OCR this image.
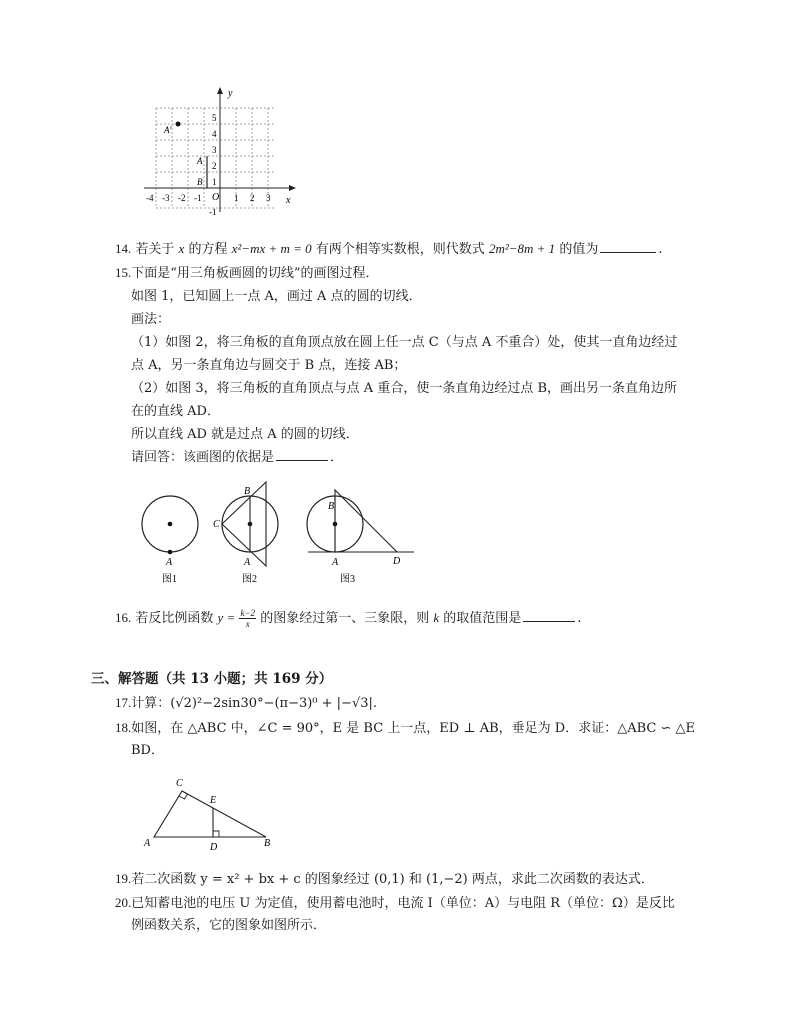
y
x
O
5
4
3
2
1
-1
-4 -3 -2 -1	1 2 3
A
B
A'
14. 若关于 x 的方程 x²−mx + m = 0 有两个相等实数根，则代数式 2m²−8m + 1 的值为	.
15.下面是“用三角板画圆的切线”的画图过程．
如图 1，已知圆上一点 A，画过 A 点的圆的切线．
画法：
（1）如图 2，将三角板的直角顶点放在圆上任一点 C（与点 A 不重合）处，使其一直角边经过
点 A，另一条直角边与圆交于 B 点，连接 AB；
（2）如图 3，将三角板的直角顶点与点 A 重合，使一条直角边经过点 B，画出另一条直角边所
在的直线 AD．
所以直线 AD 就是过点 A 的圆的切线．
请回答：该画图的依据是	．
A
图1
B
C
A
图2
B
A	D
图3
16. 若反比例函数 $y = \frac{k-2}{x}$ 的图象经过第一、三象限，则 k 的取值范围是	.
三、解答题（共 13 小题；共 169 分）
17.计算：(√2)²−2sin30°−(π−3)⁰ + |−√3|.
18.如图，在 △ABC 中，∠C = 90°，E 是 BC 上一点，ED ⊥ AB，垂足为 D．求证：△ABC ∽ △E
BD．
C
E
A	D	B
19.若二次函数 y = x² + bx + c 的图象经过 (0,1) 和 (1,−2) 两点，求此二次函数的表达式．
20.已知蓄电池的电压 U 为定值，使用蓄电池时，电流 I（单位：A）与电阻 R（单位：Ω）是反比
例函数关系，它的图象如图所示．
